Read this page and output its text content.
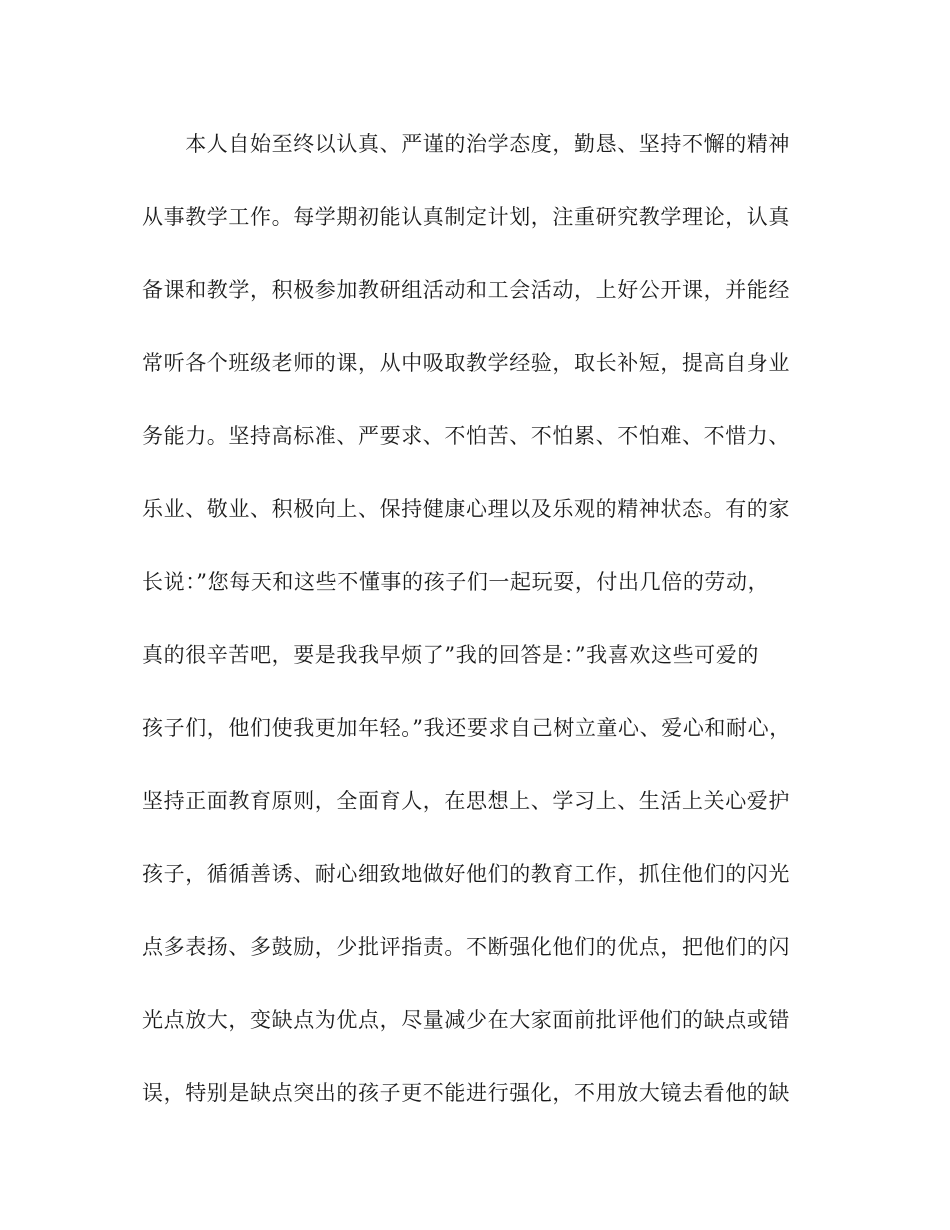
　　本人自始至终以认真、严谨的治学态度，勤恳、坚持不懈的精神
从事教学工作。每学期初能认真制定计划，注重研究教学理论，认真
备课和教学，积极参加教研组活动和工会活动，上好公开课，并能经
常听各个班级老师的课，从中吸取教学经验，取长补短，提高自身业
务能力。坚持高标准、严要求、不怕苦、不怕累、不怕难、不惜力、
乐业、敬业、积极向上、保持健康心理以及乐观的精神状态。有的家
长说：”您每天和这些不懂事的孩子们一起玩耍，付出几倍的劳动，
真的很辛苦吧，要是我我早烦了”我的回答是：”我喜欢这些可爱的
孩子们，他们使我更加年轻。”我还要求自己树立童心、爱心和耐心，
坚持正面教育原则，全面育人，在思想上、学习上、生活上关心爱护
孩子，循循善诱、耐心细致地做好他们的教育工作，抓住他们的闪光
点多表扬、多鼓励，少批评指责。不断强化他们的优点，把他们的闪
光点放大，变缺点为优点，尽量减少在大家面前批评他们的缺点或错
误，特别是缺点突出的孩子更不能进行强化，不用放大镜去看他的缺
